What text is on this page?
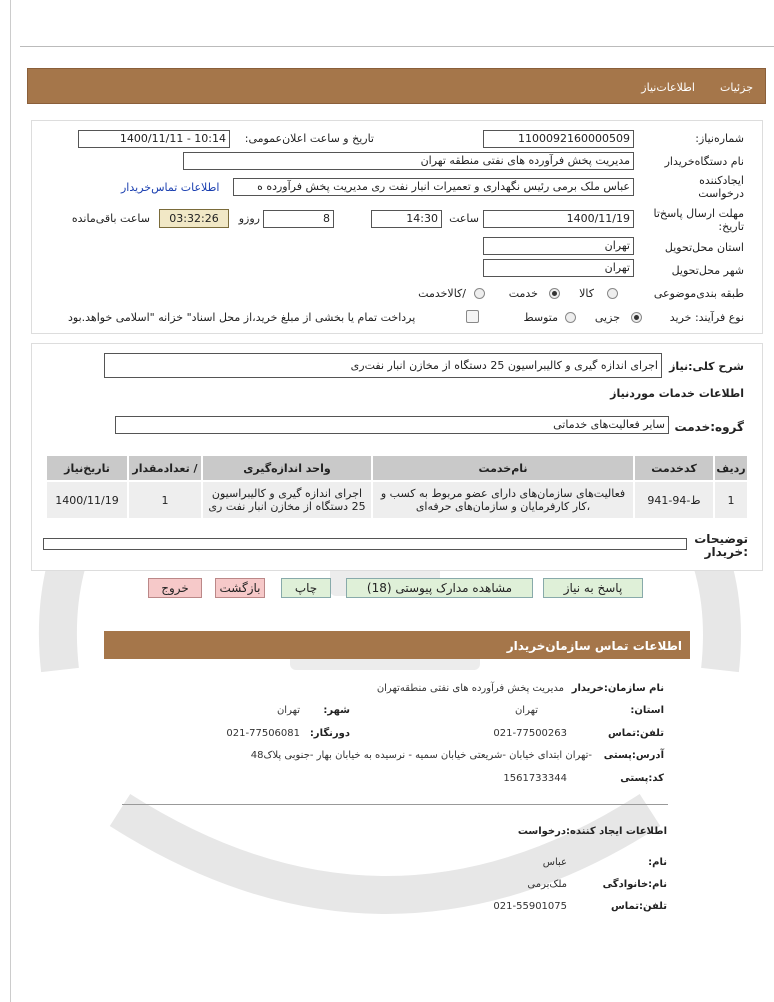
جزئیات
اطلاعات‌نیاز
شماره‌نیاز:
1100092160000509
تاریخ و ساعت اعلان‌عمومی:
1400/11/11 - 10:14
نام دستگاه‌خریدار
مدیریت پخش فرآورده های نفتی منطقه تهران
ایجادکننده
درخواست
عباس ملک برمی رئیس نگهداری و تعمیرات انبار نفت ری مدیریت پخش فرآورده ه
اطلاعات تماس‌خریدار
مهلت ارسال پاسخ‌تا
تاریخ:
1400/11/19
ساعت
14:30
8
روزو
03:32:26
ساعت باقی‌مانده
استان محل‌تحویل
تهران
شهر محل‌تحویل
تهران
طبقه بندی‌موضوعی
کالا
خدمت
/کالاخدمت
نوع فرآیند: خرید
جزیی
متوسط
پرداخت تمام یا بخشی از مبلغ خرید،از محل اسناد" خزانه "اسلامی خواهد.بود
شرح کلی:نیاز
اجرای اندازه گیری و کالیبراسیون 25 دستگاه از مخازن انبار نفت‌ری
اطلاعات خدمات موردنیاز
گروه:خدمت
سایر فعالیت‌های خدماتی
ردیف	کدخدمت	نام‌خدمت	واحد اندازه‌گیری	/ تعدادمقدار	تاریخ‌نیاز
1	ط-94-941	فعالیت‌های سازمان‌های دارای عضو مربوط به کسب و ،کار کارفرمایان و سازمان‌های حرفه‌ای	اجرای اندازه گیری و کالیبراسیون 25 دستگاه از مخازن انبار نفت ری	1	1400/11/19
توضیحات :خریدار
پاسخ به نیاز
مشاهده مدارک پیوستی (18)
چاپ
بازگشت
خروج
اطلاعات تماس سازمان‌خریدار
نام سازمان:خریدار
مدیریت پخش فرآورده های نفتی منطقه‌تهران
استان:
تهران
شهر:
تهران
تلفن:تماس
021-77500263
دورنگار:
021-77506081
آدرس:پستی
-تهران ابتدای خیابان -شریعتی خیابان سمیه - نرسیده به خیابان بهار -جنوبی پلاک48
کد:پستی
1561733344
اطلاعات ایجاد کننده:درخواست
نام:
عباس
نام:خانوادگی
ملک‌برمی
تلفن:تماس
021-55901075
